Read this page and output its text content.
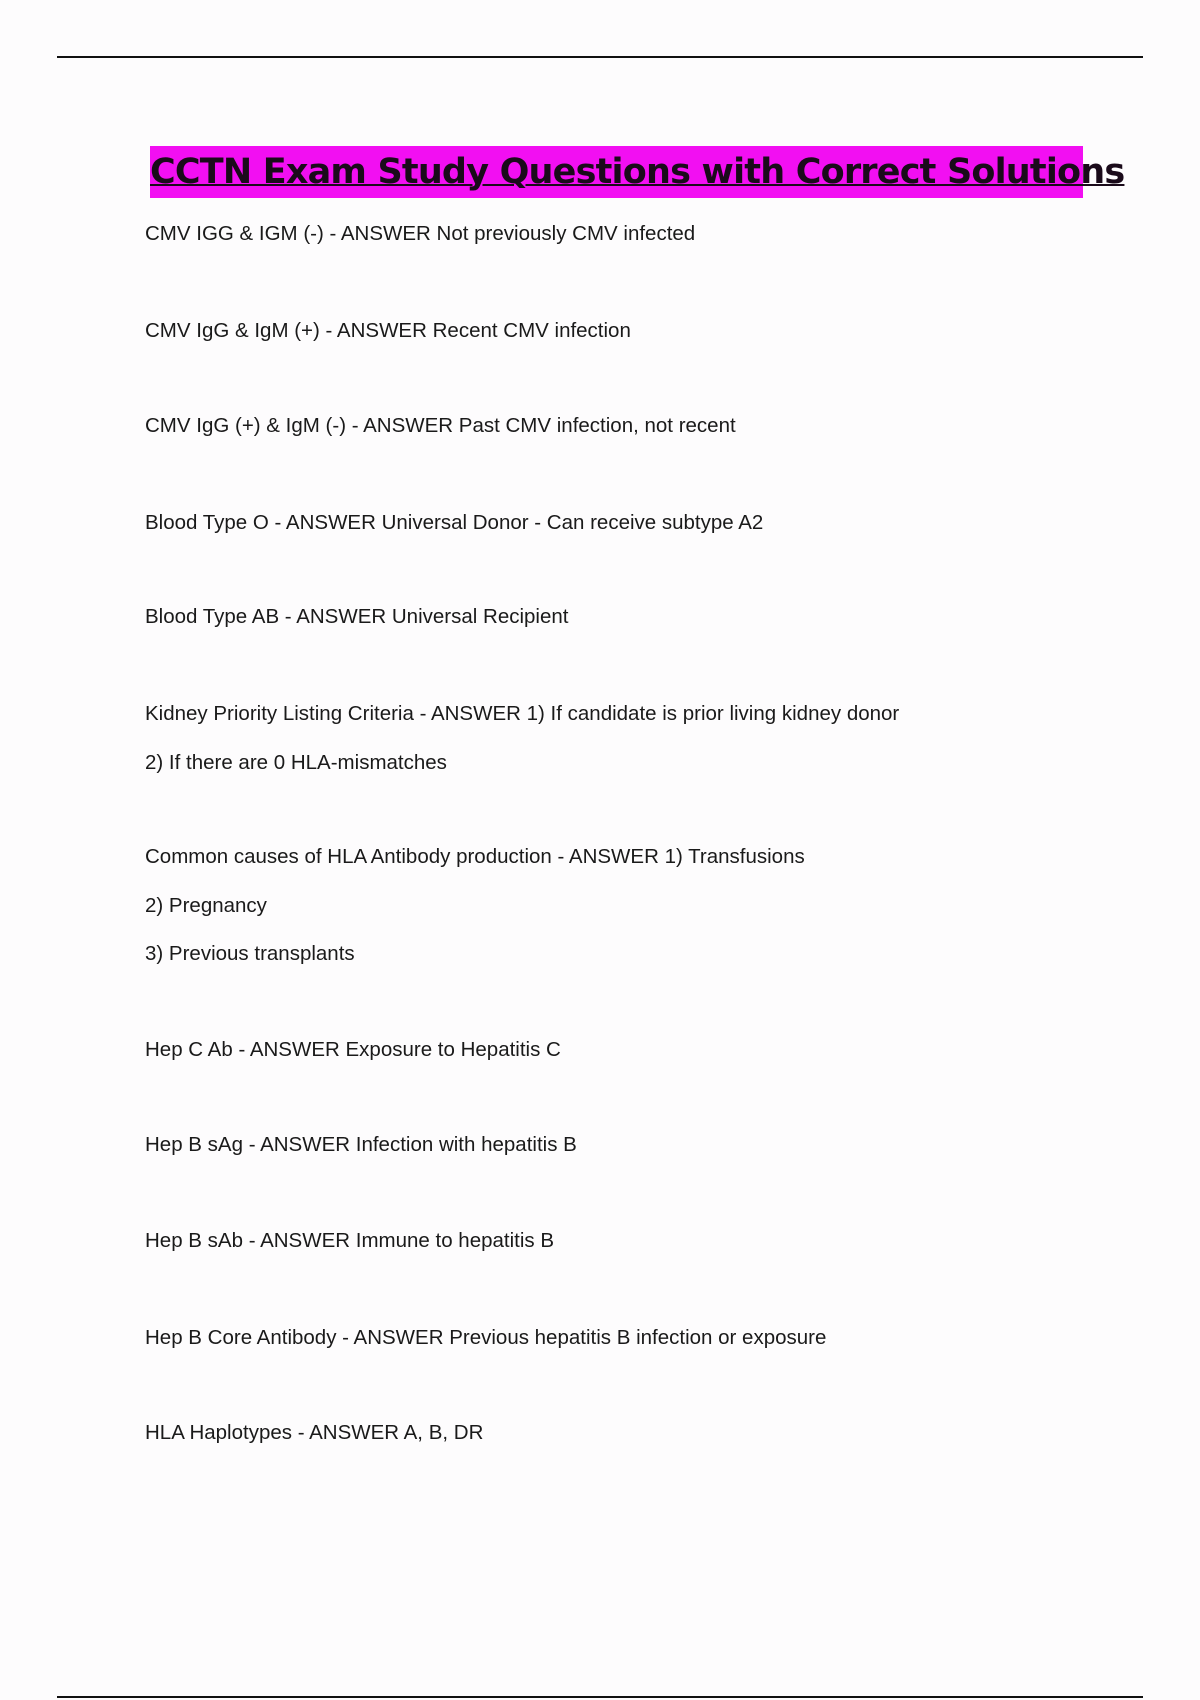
CCTN Exam Study Questions with Correct Solutions
CMV IGG & IGM (-) - ANSWER Not previously CMV infected
CMV IgG & IgM (+) - ANSWER Recent CMV infection
CMV IgG (+) & IgM (-) - ANSWER Past CMV infection, not recent
Blood Type O - ANSWER Universal Donor - Can receive subtype A2
Blood Type AB - ANSWER Universal Recipient
Kidney Priority Listing Criteria - ANSWER 1) If candidate is prior living kidney donor
2) If there are 0 HLA-mismatches
Common causes of HLA Antibody production - ANSWER 1) Transfusions
2) Pregnancy
3) Previous transplants
Hep C Ab - ANSWER Exposure to Hepatitis C
Hep B sAg - ANSWER Infection with hepatitis B
Hep B sAb - ANSWER Immune to hepatitis B
Hep B Core Antibody - ANSWER Previous hepatitis B infection or exposure
HLA Haplotypes - ANSWER A, B, DR
